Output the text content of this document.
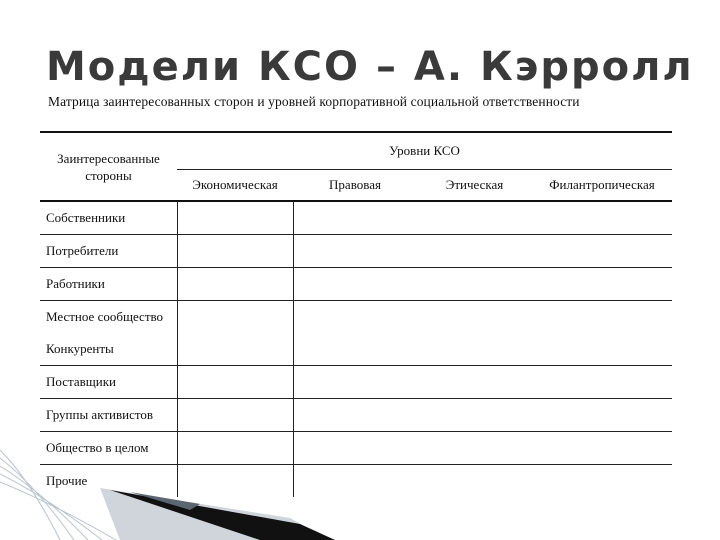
Модели КСО – А. Кэрролл
Матрица заинтересованных сторон и уровней корпоративной социальной ответственности
Заинтересованные стороны	Уровни КСО			
	Экономическая	Правовая	Этическая	Филантропическая
Собственники				
Потребители				
Работники				
Местное сообщество				
Конкуренты				
Поставщики				
Группы активистов				
Общество в целом				
Прочие				
